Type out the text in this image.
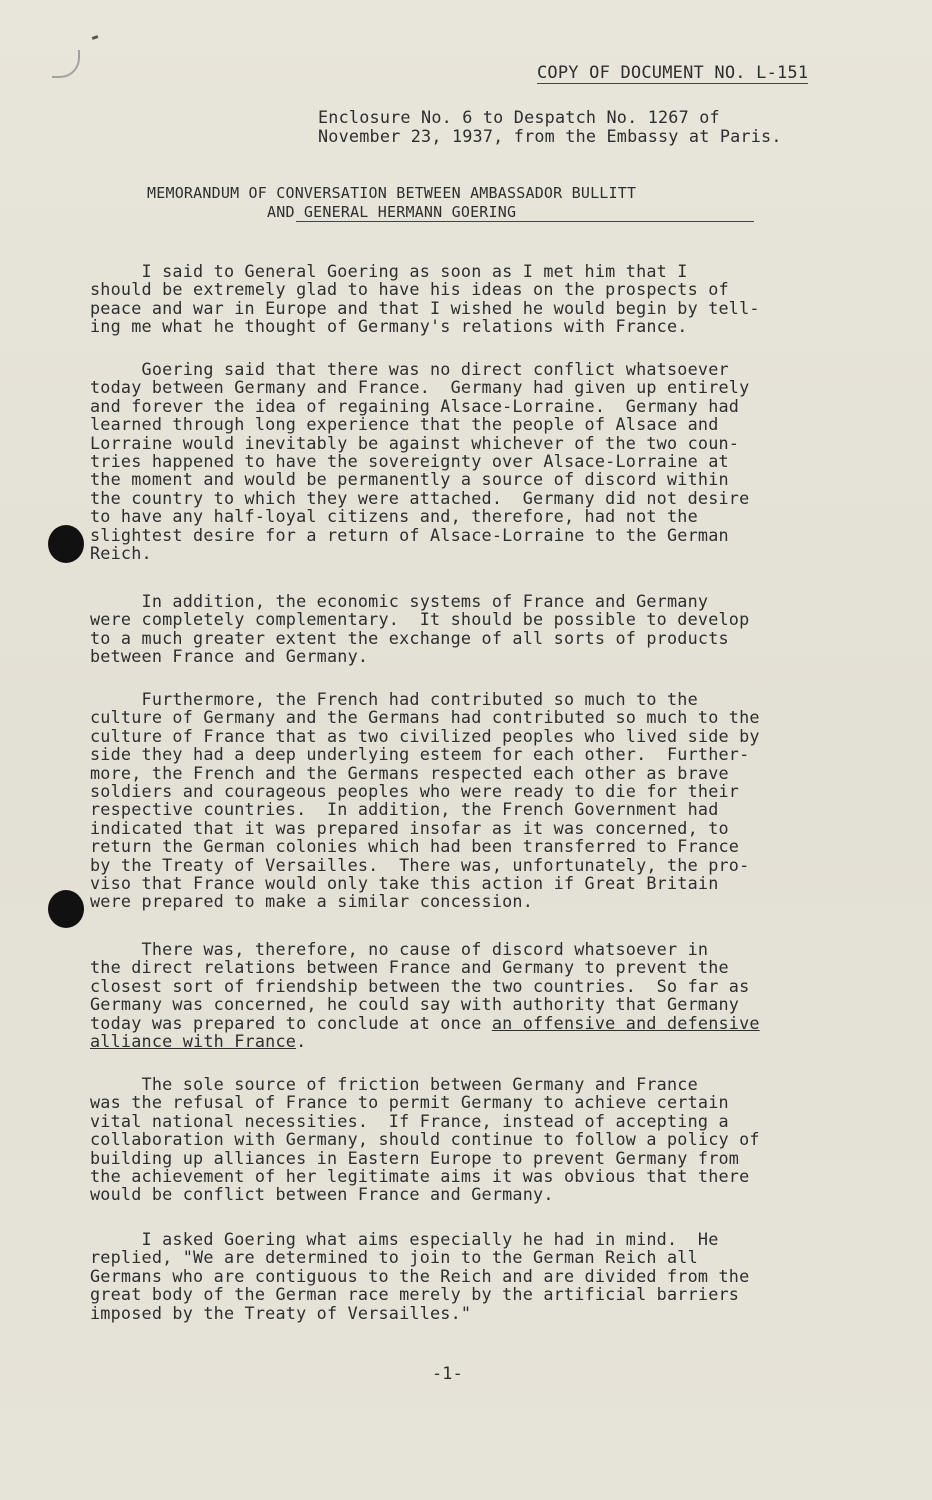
COPY OF DOCUMENT NO. L-151
Enclosure No. 6 to Despatch No. 1267 of
November 23, 1937, from the Embassy at Paris.
MEMORANDUM OF CONVERSATION BETWEEN AMBASSADOR BULLITT
AND GENERAL HERMANN GOERING
I said to General Goering as soon as I met him that I
should be extremely glad to have his ideas on the prospects of
peace and war in Europe and that I wished he would begin by tell-
ing me what he thought of Germany's relations with France.
Goering said that there was no direct conflict whatsoever
today between Germany and France.  Germany had given up entirely
and forever the idea of regaining Alsace-Lorraine.  Germany had
learned through long experience that the people of Alsace and
Lorraine would inevitably be against whichever of the two coun-
tries happened to have the sovereignty over Alsace-Lorraine at
the moment and would be permanently a source of discord within
the country to which they were attached.  Germany did not desire
to have any half-loyal citizens and, therefore, had not the
slightest desire for a return of Alsace-Lorraine to the German
Reich.
In addition, the economic systems of France and Germany
were completely complementary.  It should be possible to develop
to a much greater extent the exchange of all sorts of products
between France and Germany.
Furthermore, the French had contributed so much to the
culture of Germany and the Germans had contributed so much to the
culture of France that as two civilized peoples who lived side by
side they had a deep underlying esteem for each other.  Further-
more, the French and the Germans respected each other as brave
soldiers and courageous peoples who were ready to die for their
respective countries.  In addition, the French Government had
indicated that it was prepared insofar as it was concerned, to
return the German colonies which had been transferred to France
by the Treaty of Versailles.  There was, unfortunately, the pro-
viso that France would only take this action if Great Britain
were prepared to make a similar concession.
There was, therefore, no cause of discord whatsoever in
the direct relations between France and Germany to prevent the
closest sort of friendship between the two countries.  So far as
Germany was concerned, he could say with authority that Germany
today was prepared to conclude at once an offensive and defensive
alliance with France.
The sole source of friction between Germany and France
was the refusal of France to permit Germany to achieve certain
vital national necessities.  If France, instead of accepting a
collaboration with Germany, should continue to follow a policy of
building up alliances in Eastern Europe to prevent Germany from
the achievement of her legitimate aims it was obvious that there
would be conflict between France and Germany.
I asked Goering what aims especially he had in mind.  He
replied, "We are determined to join to the German Reich all
Germans who are contiguous to the Reich and are divided from the
great body of the German race merely by the artificial barriers
imposed by the Treaty of Versailles."
-1-
